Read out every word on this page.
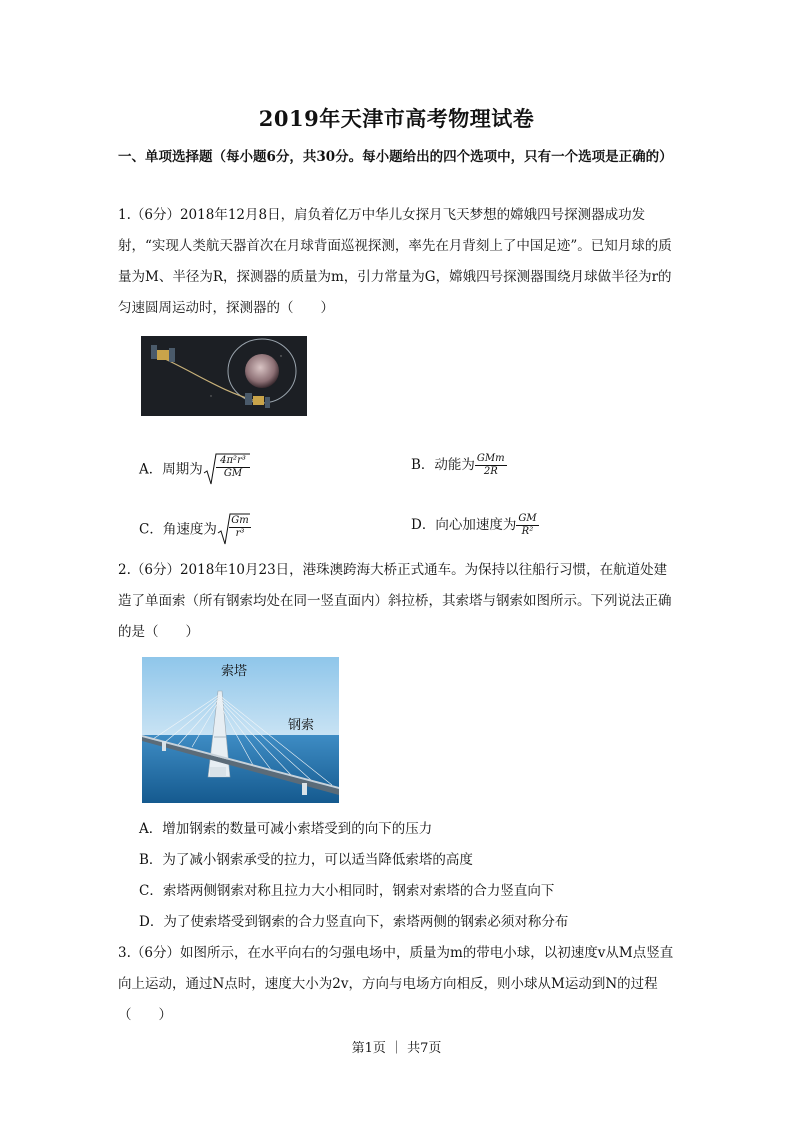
2019年天津市高考物理试卷
一、单项选择题（每小题6分，共30分。每小题给出的四个选项中，只有一个选项是正确的）
1.（6分）2018年12月8日，肩负着亿万中华儿女探月飞天梦想的嫦娥四号探测器成功发射，“实现人类航天器首次在月球背面巡视探测，率先在月背刻上了中国足迹”。已知月球的质量为M、半径为R，探测器的质量为m，引力常量为G，嫦娥四号探测器围绕月球做半径为r的匀速圆周运动时，探测器的（　　）
A．周期为
4π²r³
GM
B．动能为 $\frac{\text{GMm}}{2R}$
C．角速度为
Gm
r³
D．向心加速度为 $\frac{GM}{\text{R²}}$
2.（6分）2018年10月23日，港珠澳跨海大桥正式通车。为保持以往船行习惯，在航道处建造了单面索（所有钢索均处在同一竖直面内）斜拉桥，其索塔与钢索如图所示。下列说法正确的是（　　）
索塔
钢索
A．增加钢索的数量可减小索塔受到的向下的压力
B．为了减小钢索承受的拉力，可以适当降低索塔的高度
C．索塔两侧钢索对称且拉力大小相同时，钢索对索塔的合力竖直向下
D．为了使索塔受到钢索的合力竖直向下，索塔两侧的钢索必须对称分布
3.（6分）如图所示，在水平向右的匀强电场中，质量为m的带电小球，以初速度v从M点竖直向上运动，通过N点时，速度大小为2v，方向与电场方向相反，则小球从M运动到N的过程（　　）
第1页 ｜ 共7页
